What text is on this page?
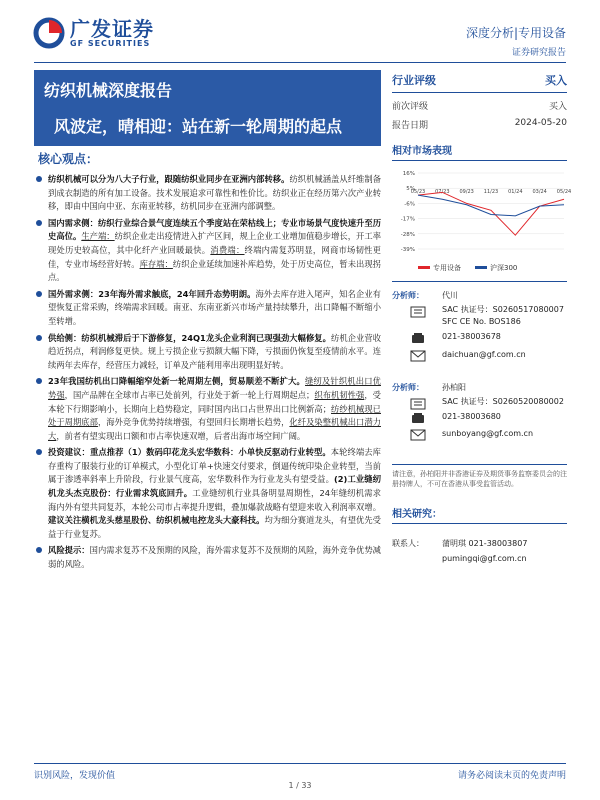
广发证券
GF SECURITIES
深度分析|专用设备
证券研究报告
纺织机械深度报告
风波定，晴相迎：站在新一轮周期的起点
行业评级	买入
前次评级	买入
报告日期	2024-05-20
核心观点：
纺织机械可以分为八大子行业，跟随纺织业同步在亚洲内部转移。纺织机械涵盖从纤维制备到成衣制造的所有加工设备。技术发展追求可靠性和性价比。纺织业正在经历第六次产业转移，即由中国向中亚、东南亚转移，纺机同步在亚洲内部调整。
国内需求侧：纺织行业综合景气度连续五个季度站在荣枯线上；专业市场景气度快速升至历史高位。生产端：纺织企业走出疫情进入扩产区间，规上企业工业增加值稳步增长，开工率现处历史较高位，其中化纤产业回暖最快。消费端：终端内需复苏明显，网商市场韧性更佳，专业市场经营好转。库存端：纺织企业延续加速补库趋势，处于历史高位，暂未出现拐点。
国外需求侧：23年海外需求触底，24年回升态势明朗。海外去库存进入尾声，知名企业有望恢复正常采购，终端需求回暖。南亚、东南亚新兴市场产量持续攀升，出口降幅不断缩小至转增。
供给侧：纺织机械滞后于下游修复，24Q1龙头企业利润已现强劲大幅修复。纺机企业营收趋近拐点，利润修复更快。规上亏损企业亏损额大幅下降，亏损面仍恢复至疫情前水平。连续两年去库存，经营压力减轻，订单及产能利用率出现明显好转。
23年我国纺机出口降幅缩窄处新一轮周期左侧，贸易顺差不断扩大。缝纫及针织机出口优势强，国产品牌在全球市占率已处前列，行业处于新一轮上行周期起点；织布机韧性强，受本轮下行期影响小，长期向上趋势稳定，同时国内出口占世界出口比例新高；纺纱机械现已处于周期底部，海外竞争优势持续增强，有望回归长期增长趋势，化纤及染整机械出口潜力大，前者有望实现出口额和市占率快速双增，后者出海市场空间广阔。
投资建议：重点推荐（1）数码印花龙头宏华数科：小单快反驱动行业转型。本轮终端去库存重构了服装行业的订单模式，小型化订单+快速交付要求，倒逼传统印染企业转型，当前属于渗透率斜率上升阶段，行业景气度高，宏华数科作为行业龙头有望受益。(2)工业缝纫机龙头杰克股份：行业需求筑底回升。工业缝纫机行业具备明显周期性，24年缝纫机需求海内外有望共同复苏，本轮公司市占率提升逻辑，叠加爆款战略有望迎来收入利润率双增。建议关注横机龙头慈星股份、纺织机械电控龙头大豪科技。均为细分赛道龙头，有望优先受益于行业复苏。
风险提示：国内需求复苏不及预期的风险，海外需求复苏不及预期的风险，海外竞争优势减弱的风险。
相对市场表现
16%
5%
-6%
-17%
-28%
-39%
05/23 07/23 09/23 11/23 01/24 03/24 05/24
专用设备	沪深300
分析师： 代川
SAC 执证号：S0260517080007
SFC CE No. BOS186
021-38003678
daichuan@gf.com.cn
分析师： 孙柏阳
SAC 执证号：S0260520080002
021-38003680
sunboyang@gf.com.cn
请注意，孙柏阳并非香港证券及期货事务监察委员会的注册持牌人，不可在香港从事受监管活动。
相关研究：
联系人： 蒲明琪 021-38003807
pumingqi@gf.com.cn
识别风险，发现价值	请务必阅读末页的免责声明
1 / 33
